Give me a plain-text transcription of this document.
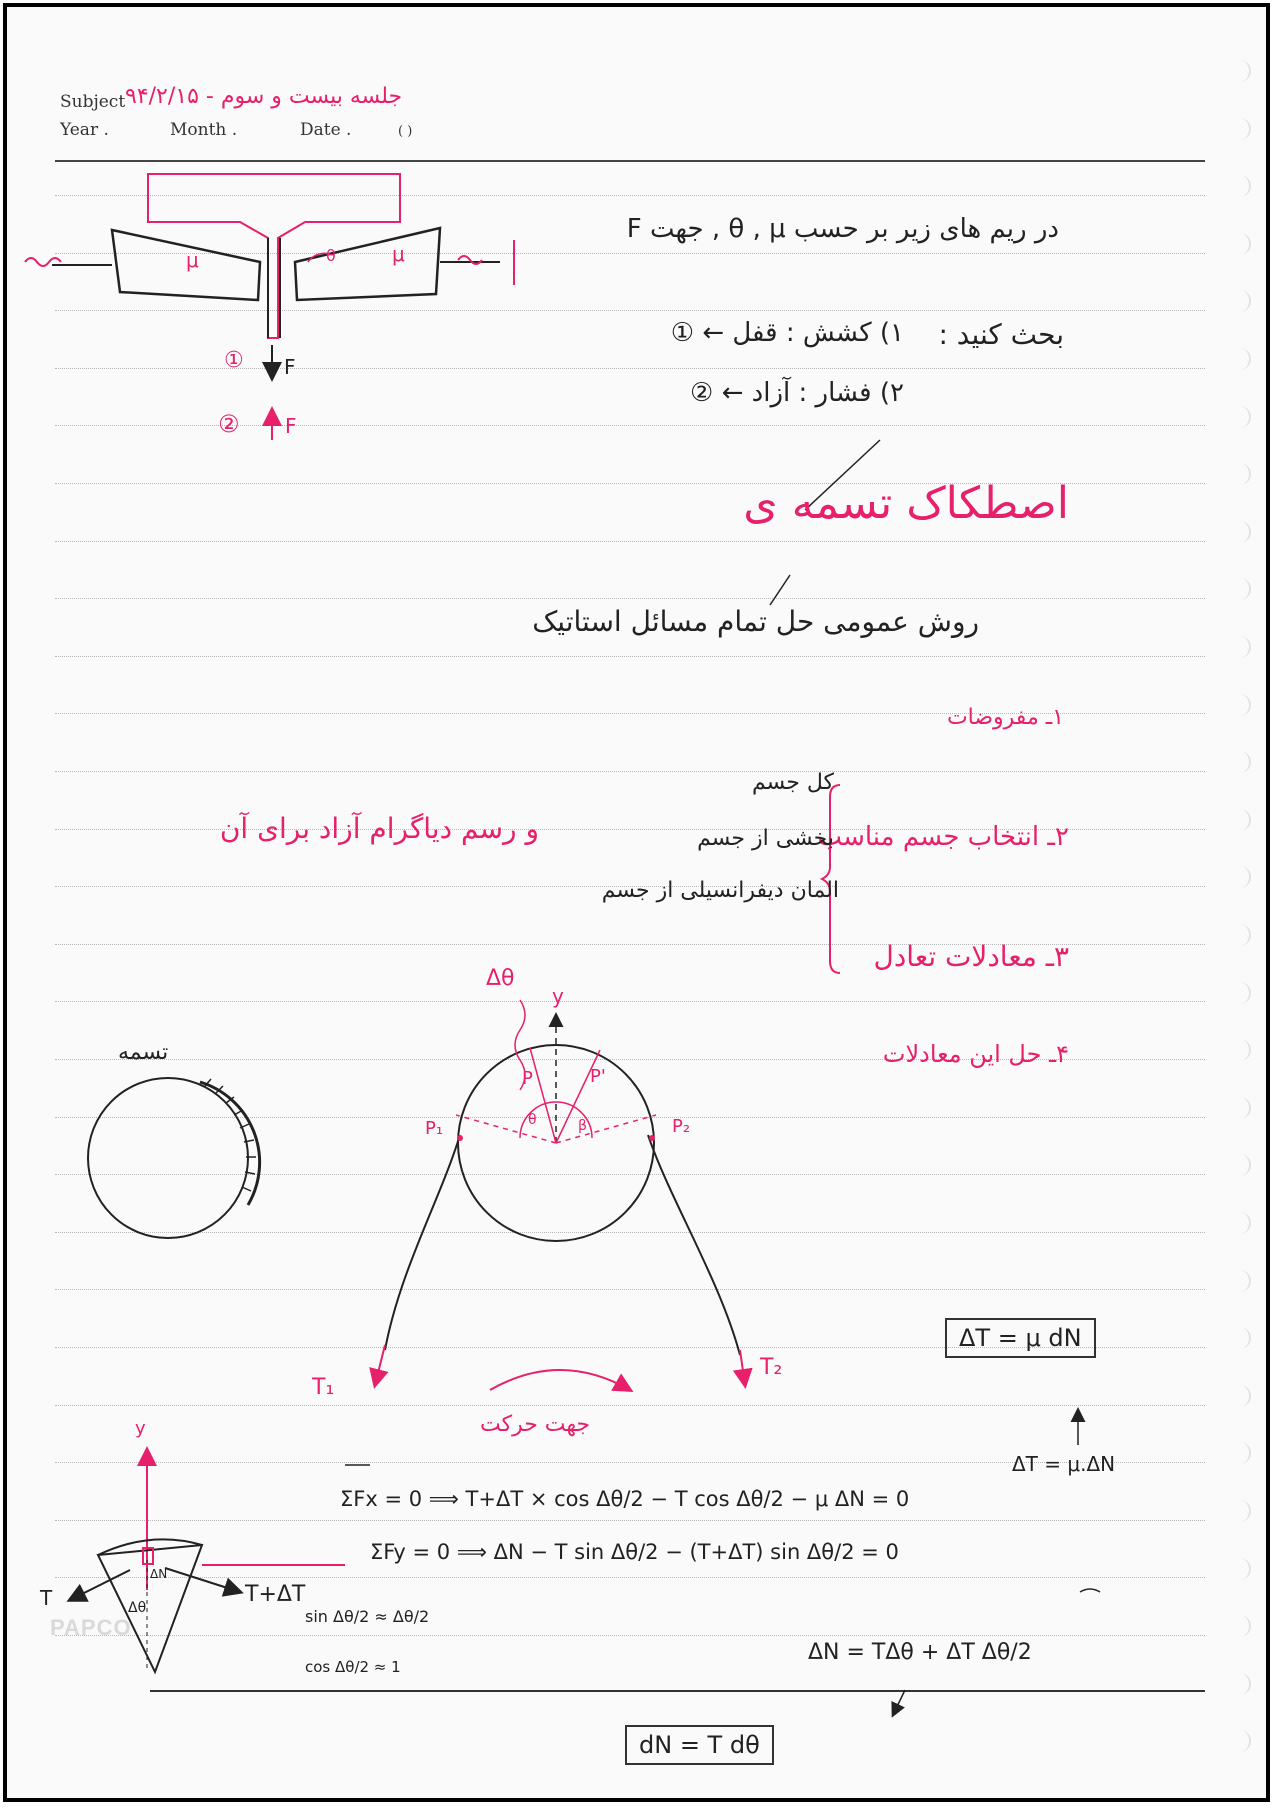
Subject جلسه بیست و سوم - ۹۴/۲/۱۵
Year .	Month .	Date .	( )
μ	μ
θ
① F
② F
در ریم های زیر بر حسب θ , μ , جهت F
بحث کنید :
۱) کشش : قفل ← ①
۲) فشار : آزاد ← ②
اصطکاک تسمه ی
روش عمومی حل تمام مسائل استاتیک
۱ـ مفروضات
کل جسم
۲ـ انتخاب جسم مناسب
بخشی از جسم
المان دیفرانسیلی از جسم
و رسم دیاگرام آزاد برای آن
۳ـ معادلات تعادل
۴ـ حل این معادلات
تسمه
Δθ
y
P	P'
P₁	P₂
θ	β
T₁
T₂
جهت حرکت
y
T	T+ΔT
ΔN
Δθ	sin Δθ/2 ≈ Δθ/2
cos Δθ/2 ≈ 1
ΔT = μ dN
ΔT = μ.ΔN
ΣFx = 0 ⟹ T+ΔT × cos Δθ/2 − T cos Δθ/2 − μ ΔN = 0
ΣFy = 0 ⟹ ΔN − T sin Δθ/2 − (T+ΔT) sin Δθ/2 = 0
ΔN = TΔθ + ΔT Δθ/2
dN = T dθ
PAPCO
